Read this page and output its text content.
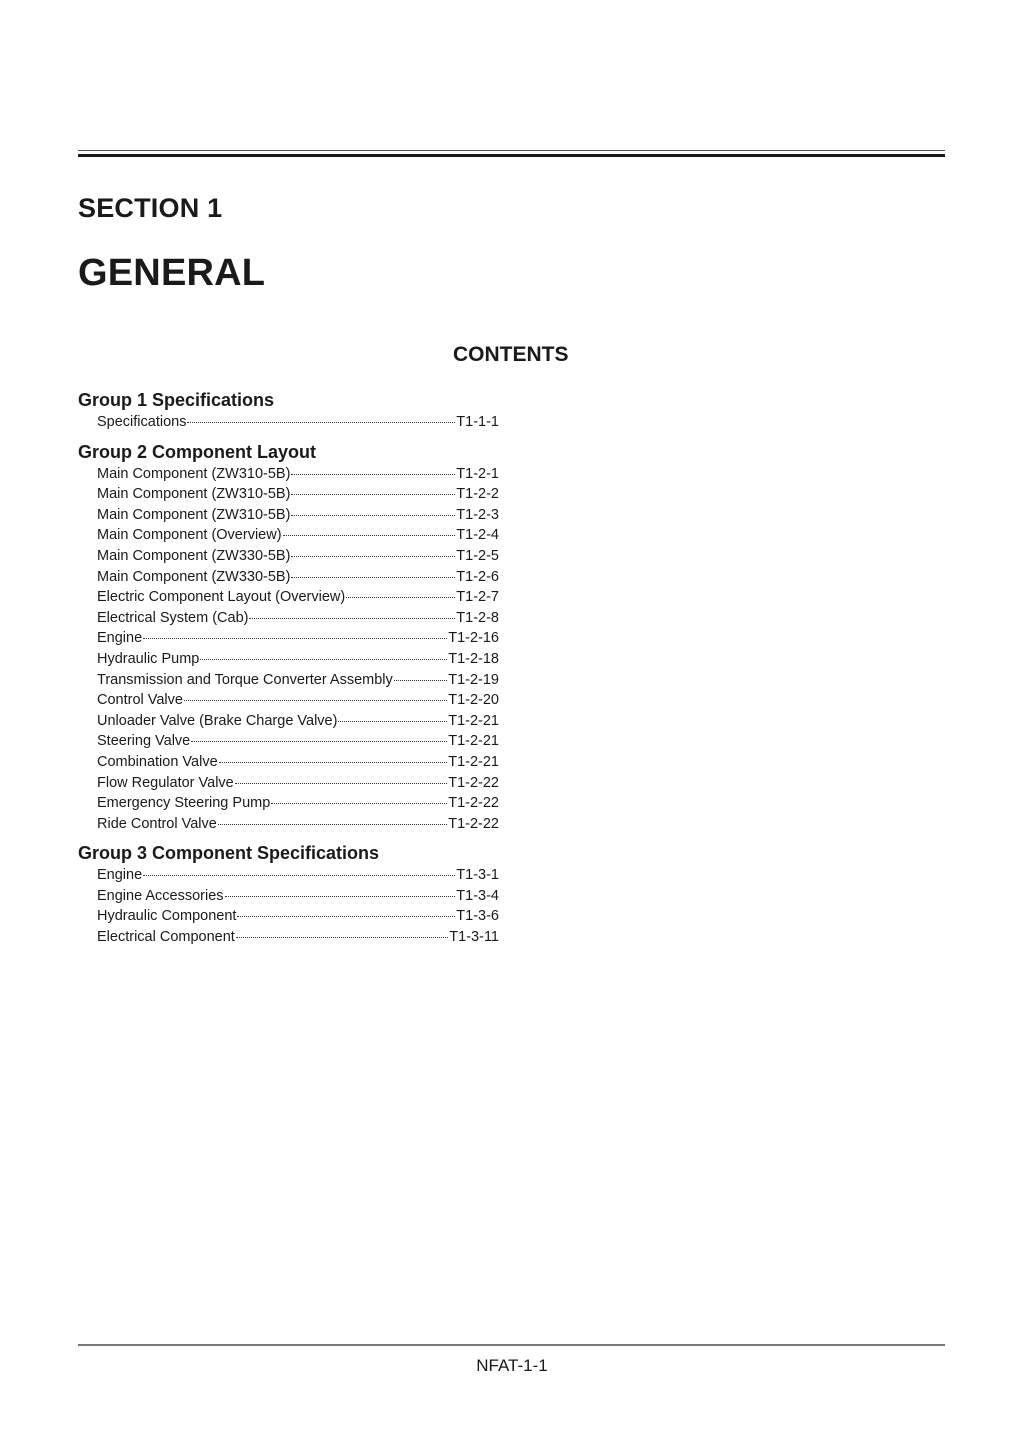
SECTION 1
GENERAL
CONTENTS
Group 1 Specifications
Specifications	T1-1-1
Group 2 Component Layout
Main Component (ZW310-5B)	T1-2-1
Main Component (ZW310-5B)	T1-2-2
Main Component (ZW310-5B)	T1-2-3
Main Component (Overview)	T1-2-4
Main Component (ZW330-5B)	T1-2-5
Main Component (ZW330-5B)	T1-2-6
Electric Component Layout (Overview)	T1-2-7
Electrical System (Cab)	T1-2-8
Engine	T1-2-16
Hydraulic Pump	T1-2-18
Transmission and Torque Converter Assembly	T1-2-19
Control Valve	T1-2-20
Unloader Valve (Brake Charge Valve)	T1-2-21
Steering Valve	T1-2-21
Combination Valve	T1-2-21
Flow Regulator Valve	T1-2-22
Emergency Steering Pump	T1-2-22
Ride Control Valve	T1-2-22
Group 3 Component Specifications
Engine	T1-3-1
Engine Accessories	T1-3-4
Hydraulic Component	T1-3-6
Electrical Component	T1-3-11
NFAT-1-1
